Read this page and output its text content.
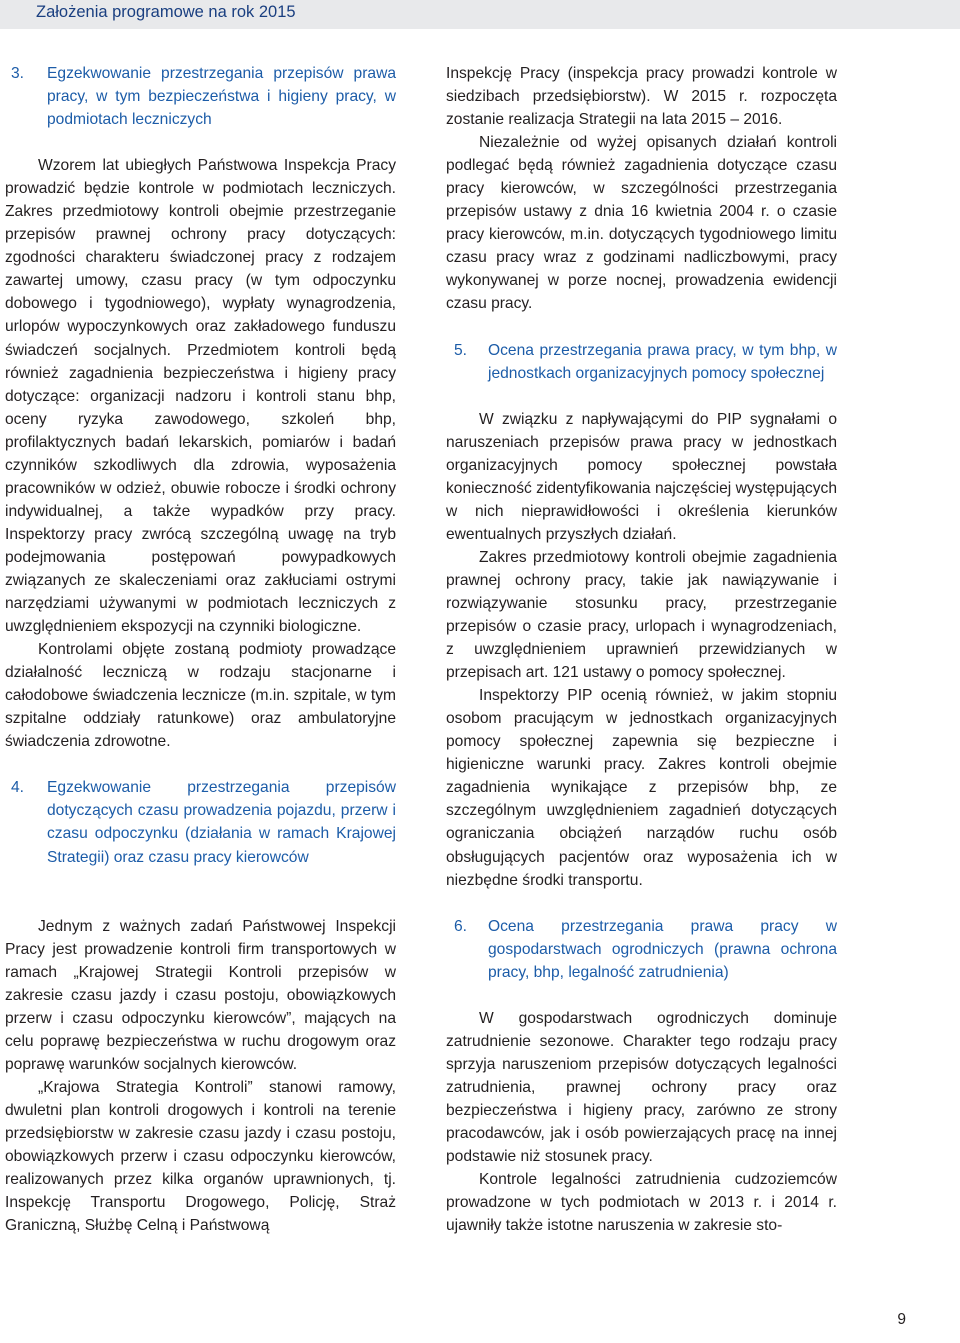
Założenia programowe na rok 2015
3.	Egzekwowanie przestrzegania przepisów prawa pracy, w tym bezpieczeństwa i higieny pracy, w podmiotach leczniczych

Wzorem lat ubiegłych Państwowa Inspekcja Pracy prowadzić będzie kontrole w podmiotach leczniczych. Zakres przedmiotowy kontroli obejmie przestrzeganie przepisów prawnej ochrony pracy dotyczących: zgodności charakteru świadczonej pracy z rodzajem zawartej umowy, czasu pracy (w tym odpoczynku dobowego i tygodniowego), wypłaty wynagrodzenia, urlopów wypoczynkowych oraz zakładowego funduszu świadczeń socjalnych. Przedmiotem kontroli będą również zagadnienia bezpieczeństwa i higieny pracy dotyczące: organizacji nadzoru i kontroli stanu bhp, oceny ryzyka zawodowego, szkoleń bhp, profilaktycznych badań lekarskich, pomiarów i badań czynników szkodliwych dla zdrowia, wyposażenia pracowników w odzież, obuwie robocze i środki ochrony indywidualnej, a także wypadków przy pracy. Inspektorzy pracy zwrócą szczególną uwagę na tryb podejmowania postępowań powypadkowych związanych ze skaleczeniami oraz zakłuciami ostrymi narzędziami używanymi w podmiotach leczniczych z uwzględnieniem ekspozycji na czynniki biologiczne.

Kontrolami objęte zostaną podmioty prowadzące działalność leczniczą w rodzaju stacjonarne i całodobowe świadczenia lecznicze (m.in. szpitale, w tym szpitalne oddziały ratunkowe) oraz ambulatoryjne świadczenia zdrowotne.

4.	Egzekwowanie przestrzegania przepisów dotyczących czasu prowadzenia pojazdu, przerw i czasu odpoczynku (działania w ramach Krajowej Strategii) oraz czasu pracy kierowców

Jednym z ważnych zadań Państwowej Inspekcji Pracy jest prowadzenie kontroli firm transportowych w ramach „Krajowej Strategii Kontroli przepisów w zakresie czasu jazdy i czasu postoju, obowiązkowych przerw i czasu odpoczynku kierowców”, mających na celu poprawę bezpieczeństwa w ruchu drogowym oraz poprawę warunków socjalnych kierowców.

„Krajowa Strategia Kontroli” stanowi ramowy, dwuletni plan kontroli drogowych i kontroli na terenie przedsiębiorstw w zakresie czasu jazdy i czasu postoju, obowiązkowych przerw i czasu odpoczynku kierowców, realizowanych przez kilka organów uprawnionych, tj. Inspekcję Transportu Drogowego, Policję, Straż Graniczną, Służbę Celną i Państwową

Inspekcję Pracy (inspekcja pracy prowadzi kontrole w siedzibach przedsiębiorstw). W 2015 r. rozpoczęta zostanie realizacja Strategii na lata 2015 – 2016.

Niezależnie od wyżej opisanych działań kontroli podlegać będą również zagadnienia dotyczące czasu pracy kierowców, w szczególności przestrzegania przepisów ustawy z dnia 16 kwietnia 2004 r. o czasie pracy kierowców, m.in. dotyczących tygodniowego limitu czasu pracy wraz z godzinami nadliczbowymi, pracy wykonywanej w porze nocnej, prowadzenia ewidencji czasu pracy.

5.	Ocena przestrzegania prawa pracy, w tym bhp, w jednostkach organizacyjnych pomocy społecznej

W związku z napływającymi do PIP sygnałami o naruszeniach przepisów prawa pracy w jednostkach organizacyjnych pomocy społecznej powstała konieczność zidentyfikowania najczęściej występujących w nich nieprawidłowości i określenia kierunków ewentualnych przyszłych działań.

Zakres przedmiotowy kontroli obejmie zagadnienia prawnej ochrony pracy, takie jak nawiązywanie i rozwiązywanie stosunku pracy, przestrzeganie przepisów o czasie pracy, urlopach i wynagrodzeniach, z uwzględnieniem uprawnień przewidzianych w przepisach art. 121 ustawy o pomocy społecznej.

Inspektorzy PIP ocenią również, w jakim stopniu osobom pracującym w jednostkach organizacyjnych pomocy społecznej zapewnia się bezpieczne i higieniczne warunki pracy. Zakres kontroli obejmie zagadnienia wynikające z przepisów bhp, ze szczególnym uwzględnieniem zagadnień dotyczących ograniczania obciążeń narządów ruchu osób obsługujących pacjentów oraz wyposażenia ich w niezbędne środki transportu.

6.	Ocena przestrzegania prawa pracy w gospodarstwach ogrodniczych (prawna ochrona pracy, bhp, legalność zatrudnienia)

W gospodarstwach ogrodniczych dominuje zatrudnienie sezonowe. Charakter tego rodzaju pracy sprzyja naruszeniom przepisów dotyczących legalności zatrudnienia, prawnej ochrony pracy oraz bezpieczeństwa i higieny pracy, zarówno ze strony pracodawców, jak i osób powierzających pracę na innej podstawie niż stosunek pracy.

Kontrole legalności zatrudnienia cudzoziemców prowadzone w tych podmiotach w 2013 r. i 2014 r. ujawniły także istotne naruszenia w zakresie sto-

9
